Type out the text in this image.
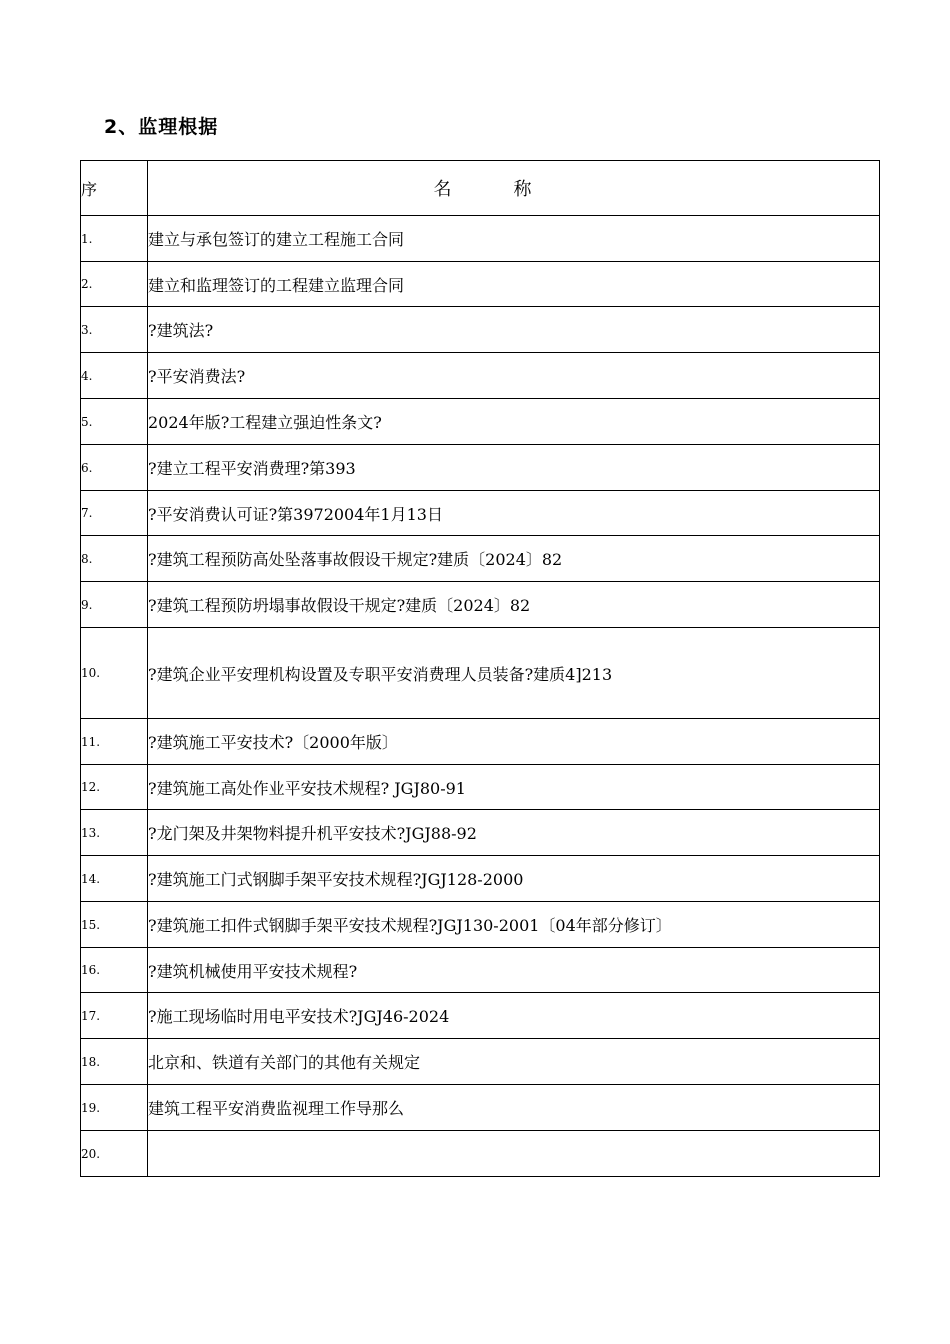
2、监理根据
序	名称
1.	建立与承包签订的建立工程施工合同
2.	建立和监理签订的工程建立监理合同
3.	?建筑法?
4.	?平安消费法?
5.	2024年版?工程建立强迫性条文?
6.	?建立工程平安消费理?第393
7.	?平安消费认可证?第3972004年1月13日
8.	?建筑工程预防高处坠落事故假设干规定?建质〔2024〕82
9.	?建筑工程预防坍塌事故假设干规定?建质〔2024〕82
10.	?建筑企业平安理机构设置及专职平安消费理人员装备?建质4]213
11.	?建筑施工平安技术?〔2000年版〕
12.	?建筑施工高处作业平安技术规程? JGJ80-91
13.	?龙门架及井架物料提升机平安技术?JGJ88-92
14.	?建筑施工门式钢脚手架平安技术规程?JGJ128-2000
15.	?建筑施工扣件式钢脚手架平安技术规程?JGJ130-2001〔04年部分修订〕
16.	?建筑机械使用平安技术规程?
17.	?施工现场临时用电平安技术?JGJ46-2024
18.	北京和、铁道有关部门的其他有关规定
19.	建筑工程平安消费监视理工作导那么
20.	
